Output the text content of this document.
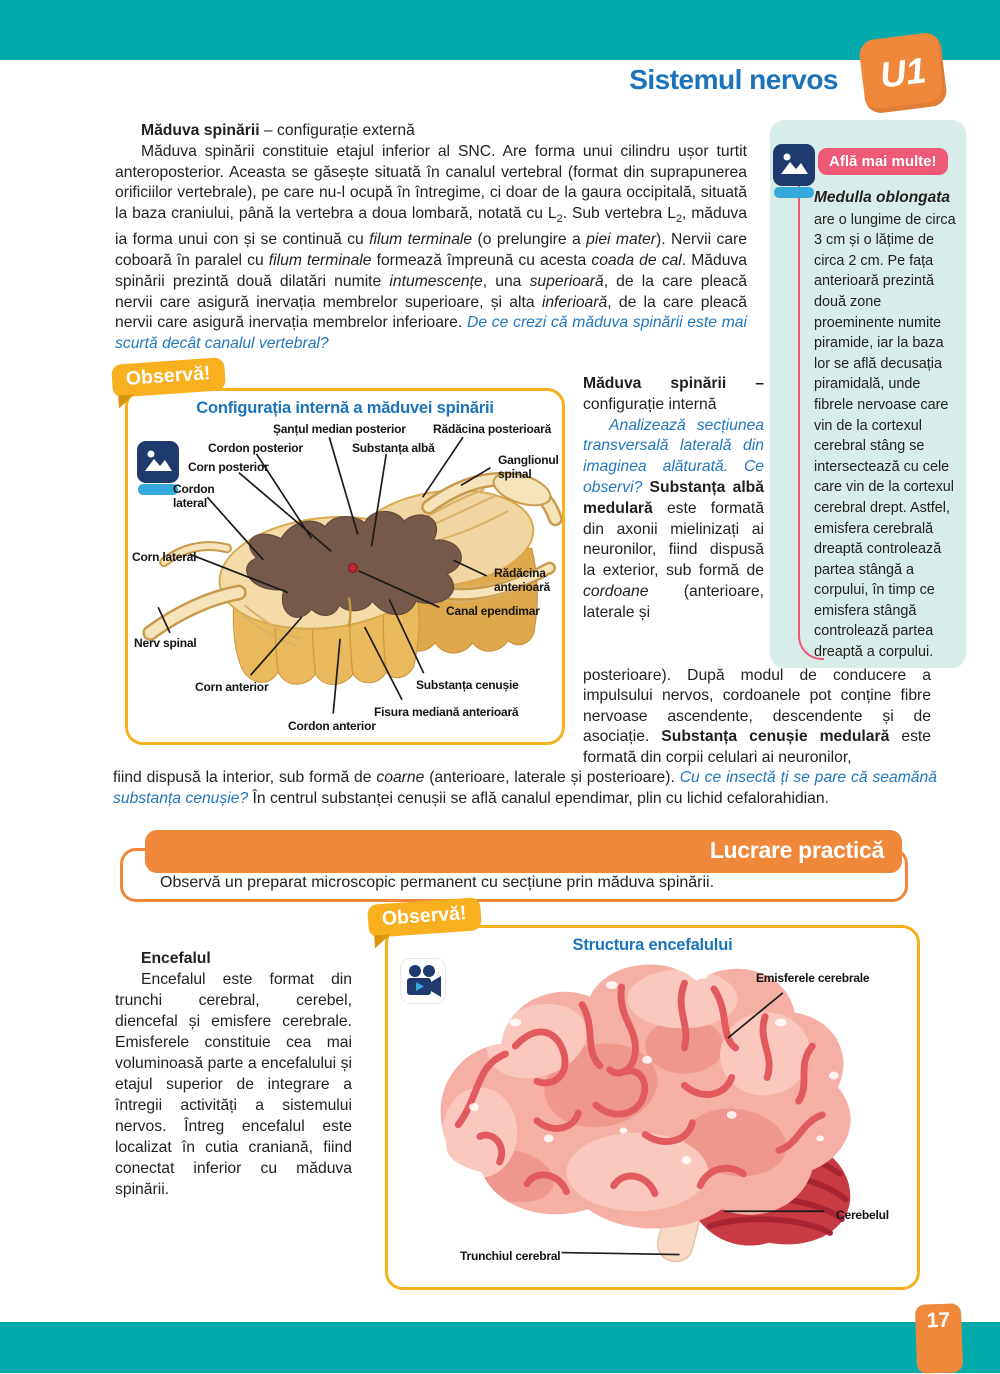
Sistemul nervos	U1
Măduva spinării – configurație externă

Măduva spinării constituie etajul inferior al SNC. Are forma unui cilindru ușor turtit anteroposterior. Aceasta se găsește situată în canalul vertebral (format din suprapunerea orificiilor vertebrale), pe care nu-l ocupă în întregime, ci doar de la gaura occipitală, situată la baza craniului, până la vertebra a doua lombară, notată cu $L_2$. Sub vertebra $L_2$, măduva ia forma unui con și se continuă cu filum terminale (o prelungire a piei mater). Nervii care coboară în paralel cu filum terminale formează împreună cu acesta coada de cal. Măduva spinării prezintă două dilatări numite intumescențe, una superioară, de la care pleacă nervii care asigură inervația membrelor superioare, și alta inferioară, de la care pleacă nervii care asigură inervația membrelor inferioare. De ce crezi că măduva spinării este mai scurtă decât canalul vertebral?

Află mai multe!
Medulla oblongata
are o lungime de circa 3 cm și o lățime de circa 2 cm. Pe fața anterioară prezintă două zone proeminente numite piramide, iar la baza lor se află decusația piramidală, unde fibrele nervoase care vin de la cortexul cerebral stâng se intersectează cu cele care vin de la cortexul cerebral drept. Astfel, emisfera cerebrală dreaptă controlează partea stângă a corpului, în timp ce emisfera stângă controlează partea dreaptă a corpului.
Observă!
Configurația internă a măduvei spinării
Șanțul median posterior Rădăcina posterioară
Cordon posterior	Substanța albă
Corn posterior	Ganglionul spinal
Cordon lateral
Corn lateral
Rădăcina anterioară
Canal ependimar
Nerv spinal
Corn anterior	Substanța cenușie
Fisura mediană anterioară
Cordon anterior

Măduva spinării – configurație internă

Analizează secțiunea transversală laterală din imaginea alăturată. Ce observi? Substanța albă medulară este formată din axonii mielinizați ai neuronilor, fiind dispusă la exterior, sub formă de cordoane (anterioare, laterale și

posterioare). După modul de conducere a impulsului nervos, cordoanele pot conține fibre nervoase ascendente, descendente și de asociație. Substanța cenușie medulară este formată din corpii celulari ai neuronilor,

fiind dispusă la interior, sub formă de coarne (anterioare, laterale și posterioare). Cu ce insectă ți se pare că seamănă substanța cenușie? În centrul substanței cenușii se află canalul ependimar, plin cu lichid cefalorahidian.

Lucrare practică
Observă un preparat microscopic permanent cu secțiune prin măduva spinării.
Encefalul

Encefalul este format din trunchi cerebral, cerebel, diencefal și emisfere cerebrale. Emisferele constituie cea mai voluminoasă parte a encefalului și etajul superior de integrare a întregii activități a sistemului nervos. Întreg encefalul este localizat în cutia craniană, fiind conectat inferior cu măduva spinării.

Observă!
Structura encefalului
Emisferele cerebrale
Cerebelul
Trunchiul cerebral
17
